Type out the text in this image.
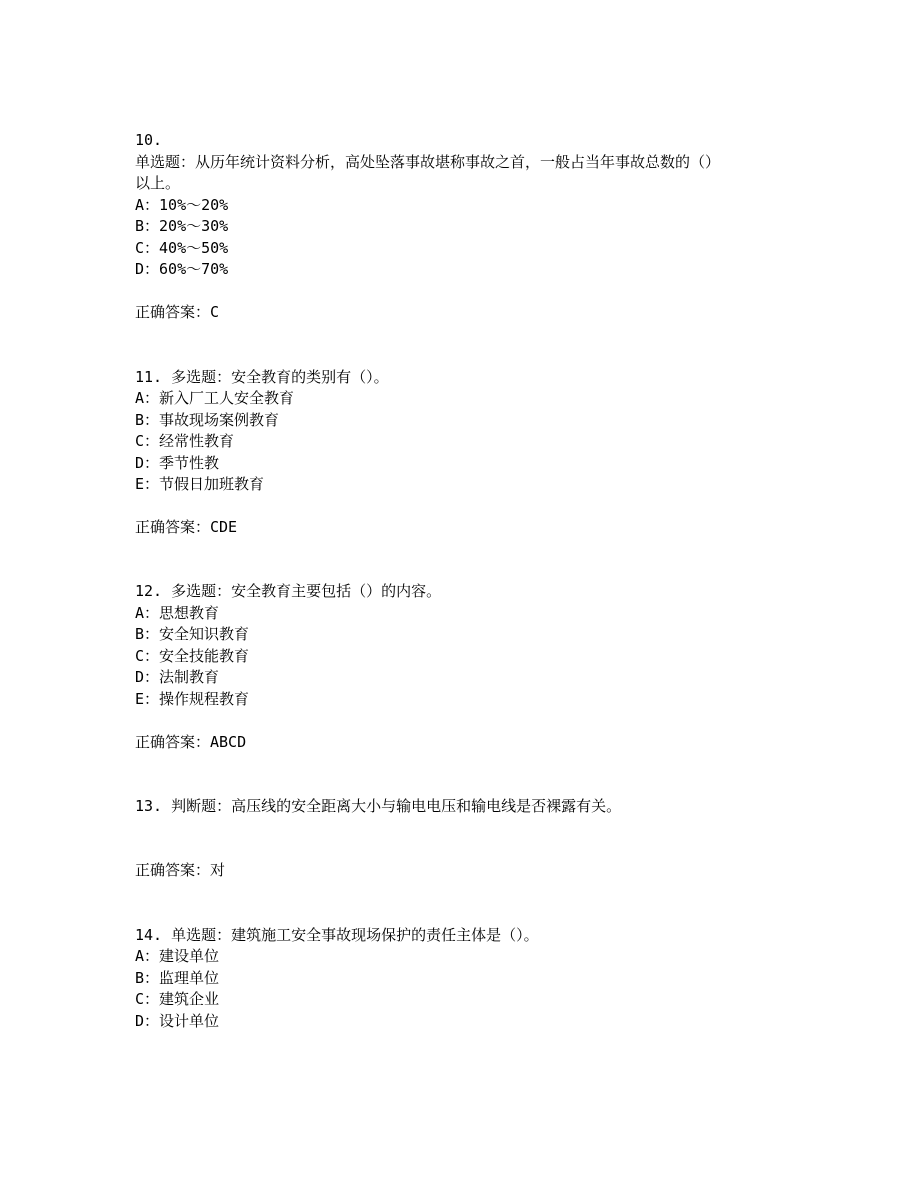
10.
单选题：从历年统计资料分析，高处坠落事故堪称事故之首，一般占当年事故总数的（）
以上。
A：10%～20%
B：20%～30%
C：40%～50%
D：60%～70%
正确答案：C
11. 多选题：安全教育的类别有（）。
A：新入厂工人安全教育
B：事故现场案例教育
C：经常性教育
D：季节性教
E：节假日加班教育
正确答案：CDE
12. 多选题：安全教育主要包括（）的内容。
A：思想教育
B：安全知识教育
C：安全技能教育
D：法制教育
E：操作规程教育
正确答案：ABCD
13. 判断题：高压线的安全距离大小与输电电压和输电线是否裸露有关。
正确答案：对
14. 单选题：建筑施工安全事故现场保护的责任主体是（）。
A：建设单位
B：监理单位
C：建筑企业
D：设计单位
